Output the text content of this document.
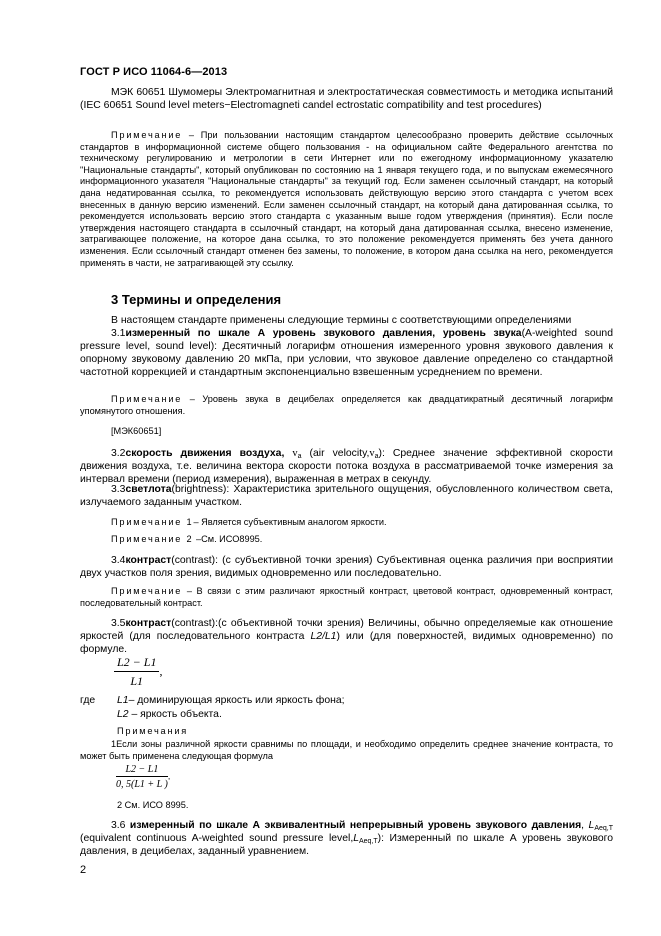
ГОСТ Р ИСО 11064-6—2013

МЭК 60651 Шумомеры Электромагнитная и электростатическая совместимость и методика испытаний (IEC 60651 Sound level meters−Electromagneti candel ectrostatic compatibility and test procedures)

Примечание – При пользовании настоящим стандартом целесообразно проверить действие ссылочных стандартов в информационной системе общего пользования - на официальном сайте Федерального агентства по техническому регулированию и метрологии в сети Интернет или по ежегодному информационному указателю "Национальные стандарты", который опубликован по состоянию на 1 января текущего года, и по выпускам ежемесячного информационного указателя "Национальные стандарты" за текущий год. Если заменен ссылочный стандарт, на который дана недатированная ссылка, то рекомендуется использовать действующую версию этого стандарта с учетом всех внесенных в данную версию изменений. Если заменен ссылочный стандарт, на который дана датированная ссылка, то рекомендуется использовать версию этого стандарта с указанным выше годом утверждения (принятия). Если после утверждения настоящего стандарта в ссылочный стандарт, на который дана датированная ссылка, внесено изменение, затрагивающее положение, на которое дана ссылка, то это положение рекомендуется применять без учета данного изменения. Если ссылочный стандарт отменен без замены, то положение, в котором дана ссылка на него, рекомендуется применять в части, не затрагивающей эту ссылку.

3 Термины и определения

В настоящем стандарте применены следующие термины с соответствующими определениями

3.1измеренный по шкале А уровень звукового давления, уровень звука(A-weighted sound pressure level, sound level): Десятичный логарифм отношения измеренного уровня звукового давления к опорному звуковому давлению 20 мкПа, при условии, что звуковое давление определено со стандартной частотной коррекцией и стандартным экспоненциально взвешенным усреднением по времени.

Примечание – Уровень звука в децибелах определяется как двадцатикратный десятичный логарифм упомянутого отношения.

[МЭК60651]

3.2скорость движения воздуха, $v_a$ (air $velocity,v_a$): Среднее значение эффективной скорости движения воздуха, т.е. величина вектора скорости потока воздуха в рассматриваемой точке измерения за интервал времени (период измерения), выраженная в метрах в секунду.

3.3светлота(brightness): Характеристика зрительного ощущения, обусловленного количеством света, излучаемого заданным участком.

Примечание 1– Является субъективным аналогом яркости.

Примечание 2 –См. ИСО8995.

3.4контраст(contrast): (с субъективной точки зрения) Субъективная оценка различия при восприятии двух участков поля зрения, видимых одновременно или последовательно.

Примечание – В связи с этим различают яркостный контраст, цветовой контраст, одновременный контраст, последовательный контраст.

3.5контраст(contrast):(с объективной точки зрения) Величины, обычно определяемые как отношение яркостей (для последовательного контраста L2/L1) или (для поверхностей, видимых одновременно) по формуле.

$\frac{L2 - L1}{L1}$ ,
где	L1– доминирующая яркость или яркость фона;
L2 – яркость объекта.
Примечания

1Если зоны различной яркости сравнимы по площади, и необходимо определить среднее значение контраста, то может быть применена следующая формула

$\frac{L2 - L1}{0, 5(L1 + L )}$ .
2 См. ИСО 8995.

3.6 измеренный по шкале А эквивалентный непрерывный уровень звукового давления, $L_{Aeq,T}$ (equivalent continuous A-weighted sound pressure $level,L_{Aeq,T}$): Измеренный по шкале А уровень звукового давления, в децибелах, заданный уравнением.

2
